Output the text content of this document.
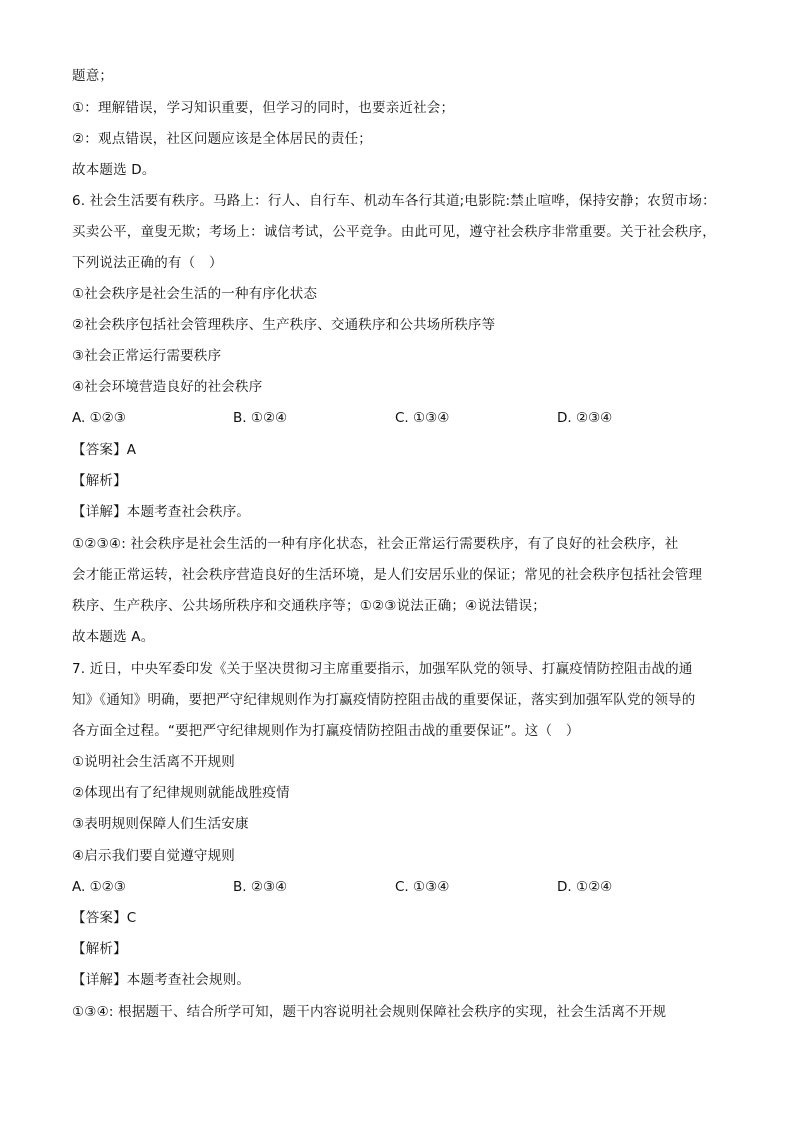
题意；
①：理解错误，学习知识重要，但学习的同时，也要亲近社会；
②：观点错误，社区问题应该是全体居民的责任；
故本题选 D。
6. 社会生活要有秩序。马路上：行人、自行车、机动车各行其道;电影院:禁止喧哗，保持安静；农贸市场：
买卖公平，童叟无欺；考场上：诚信考试，公平竞争。由此可见，遵守社会秩序非常重要。关于社会秩序，
下列说法正确的有（　）
①社会秩序是社会生活的一种有序化状态
②社会秩序包括社会管理秩序、生产秩序、交通秩序和公共场所秩序等
③社会正常运行需要秩序
④社会环境营造良好的社会秩序
A. ①②③	B. ①②④	C. ①③④	D. ②③④
【答案】A
【解析】
【详解】本题考查社会秩序。
①②③④: 社会秩序是社会生活的一种有序化状态，社会正常运行需要秩序，有了良好的社会秩序，社
会才能正常运转，社会秩序营造良好的生活环境，是人们安居乐业的保证；常见的社会秩序包括社会管理
秩序、生产秩序、公共场所秩序和交通秩序等；①②③说法正确；④说法错误；
故本题选 A。
7. 近日，中央军委印发《关于坚决贯彻习主席重要指示，加强军队党的领导、打赢疫情防控阻击战的通
知》《通知》明确，要把严守纪律规则作为打赢疫情防控阻击战的重要保证，落实到加强军队党的领导的
各方面全过程。“要把严守纪律规则作为打赢疫情防控阻击战的重要保证”。这（　）
①说明社会生活离不开规则
②体现出有了纪律规则就能战胜疫情
③表明规则保障人们生活安康
④启示我们要自觉遵守规则
A. ①②③	B. ②③④	C. ①③④	D. ①②④
【答案】C
【解析】
【详解】本题考查社会规则。
①③④: 根据题干、结合所学可知，题干内容说明社会规则保障社会秩序的实现，社会生活离不开规
